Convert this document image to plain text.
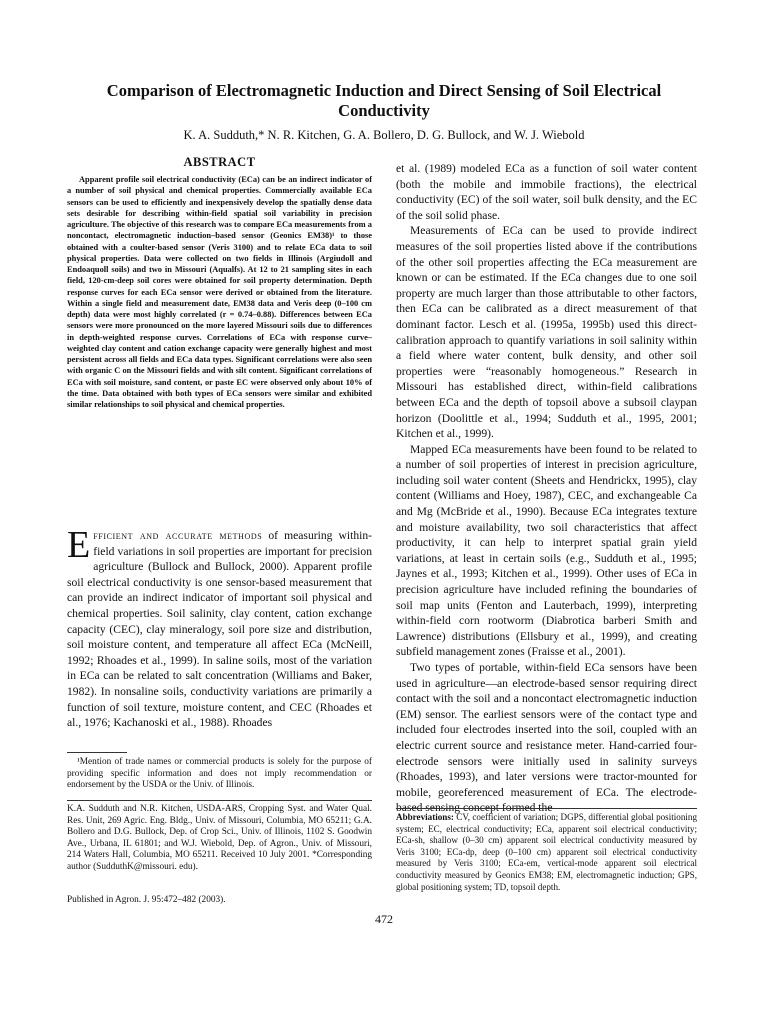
Comparison of Electromagnetic Induction and Direct Sensing of Soil Electrical Conductivity

K. A. Sudduth,* N. R. Kitchen, G. A. Bollero, D. G. Bullock, and W. J. Wiebold

ABSTRACT

Apparent profile soil electrical conductivity (ECa) can be an indirect indicator of a number of soil physical and chemical properties. Commercially available ECa sensors can be used to efficiently and inexpensively develop the spatially dense data sets desirable for describing within-field spatial soil variability in precision agriculture. The objective of this research was to compare ECa measurements from a noncontact, electromagnetic induction–based sensor (Geonics EM38)¹ to those obtained with a coulter-based sensor (Veris 3100) and to relate ECa data to soil physical properties. Data were collected on two fields in Illinois (Argiudoll and Endoaquoll soils) and two in Missouri (Aqualfs). At 12 to 21 sampling sites in each field, 120-cm-deep soil cores were obtained for soil property determination. Depth response curves for each ECa sensor were derived or obtained from the literature. Within a single field and measurement date, EM38 data and Veris deep (0–100 cm depth) data were most highly correlated (r = 0.74–0.88). Differences between ECa sensors were more pronounced on the more layered Missouri soils due to differences in depth-weighted response curves. Correlations of ECa with response curve–weighted clay content and cation exchange capacity were generally highest and most persistent across all fields and ECa data types. Significant correlations were also seen with organic C on the Missouri fields and with silt content. Significant correlations of ECa with soil moisture, sand content, or paste EC were observed only about 10% of the time. Data obtained with both types of ECa sensors were similar and exhibited similar relationships to soil physical and chemical properties.

Efficient and accurate methods of measuring within-field variations in soil properties are important for precision agriculture (Bullock and Bullock, 2000). Apparent profile soil electrical conductivity is one sensor-based measurement that can provide an indirect indicator of important soil physical and chemical properties. Soil salinity, clay content, cation exchange capacity (CEC), clay mineralogy, soil pore size and distribution, soil moisture content, and temperature all affect ECa (McNeill, 1992; Rhoades et al., 1999). In saline soils, most of the variation in ECa can be related to salt concentration (Williams and Baker, 1982). In nonsaline soils, conductivity variations are primarily a function of soil texture, moisture content, and CEC (Rhoades et al., 1976; Kachanoski et al., 1988). Rhoades

¹Mention of trade names or commercial products is solely for the purpose of providing specific information and does not imply recommendation or endorsement by the USDA or the Univ. of Illinois.

K.A. Sudduth and N.R. Kitchen, USDA-ARS, Cropping Syst. and Water Qual. Res. Unit, 269 Agric. Eng. Bldg., Univ. of Missouri, Columbia, MO 65211; G.A. Bollero and D.G. Bullock, Dep. of Crop Sci., Univ. of Illinois, 1102 S. Goodwin Ave., Urbana, IL 61801; and W.J. Wiebold, Dep. of Agron., Univ. of Missouri, 214 Waters Hall, Columbia, MO 65211. Received 10 July 2001. *Corresponding author (SudduthK@missouri. edu).

Published in Agron. J. 95:472–482 (2003).

et al. (1989) modeled ECa as a function of soil water content (both the mobile and immobile fractions), the electrical conductivity (EC) of the soil water, soil bulk density, and the EC of the soil solid phase.

Measurements of ECa can be used to provide indirect measures of the soil properties listed above if the contributions of the other soil properties affecting the ECa measurement are known or can be estimated. If the ECa changes due to one soil property are much larger than those attributable to other factors, then ECa can be calibrated as a direct measurement of that dominant factor. Lesch et al. (1995a, 1995b) used this direct-calibration approach to quantify variations in soil salinity within a field where water content, bulk density, and other soil properties were “reasonably homogeneous.” Research in Missouri has established direct, within-field calibrations between ECa and the depth of topsoil above a subsoil claypan horizon (Doolittle et al., 1994; Sudduth et al., 1995, 2001; Kitchen et al., 1999).

Mapped ECa measurements have been found to be related to a number of soil properties of interest in precision agriculture, including soil water content (Sheets and Hendrickx, 1995), clay content (Williams and Hoey, 1987), CEC, and exchangeable Ca and Mg (McBride et al., 1990). Because ECa integrates texture and moisture availability, two soil characteristics that affect productivity, it can help to interpret spatial grain yield variations, at least in certain soils (e.g., Sudduth et al., 1995; Jaynes et al., 1993; Kitchen et al., 1999). Other uses of ECa in precision agriculture have included refining the boundaries of soil map units (Fenton and Lauterbach, 1999), interpreting within-field corn rootworm (Diabrotica barberi Smith and Lawrence) distributions (Ellsbury et al., 1999), and creating subfield management zones (Fraisse et al., 2001).

Two types of portable, within-field ECa sensors have been used in agriculture—an electrode-based sensor requiring direct contact with the soil and a noncontact electromagnetic induction (EM) sensor. The earliest sensors were of the contact type and included four electrodes inserted into the soil, coupled with an electric current source and resistance meter. Hand-carried four-electrode sensors were initially used in salinity surveys (Rhoades, 1993), and later versions were tractor-mounted for mobile, georeferenced measurement of ECa. The electrode-based sensing concept formed the

Abbreviations: CV, coefficient of variation; DGPS, differential global positioning system; EC, electrical conductivity; ECa, apparent soil electrical conductivity; ECa-sh, shallow (0–30 cm) apparent soil electrical conductivity measured by Veris 3100; ECa-dp, deep (0–100 cm) apparent soil electrical conductivity measured by Veris 3100; ECa-em, vertical-mode apparent soil electrical conductivity measured by Geonics EM38; EM, electromagnetic induction; GPS, global positioning system; TD, topsoil depth.

472
